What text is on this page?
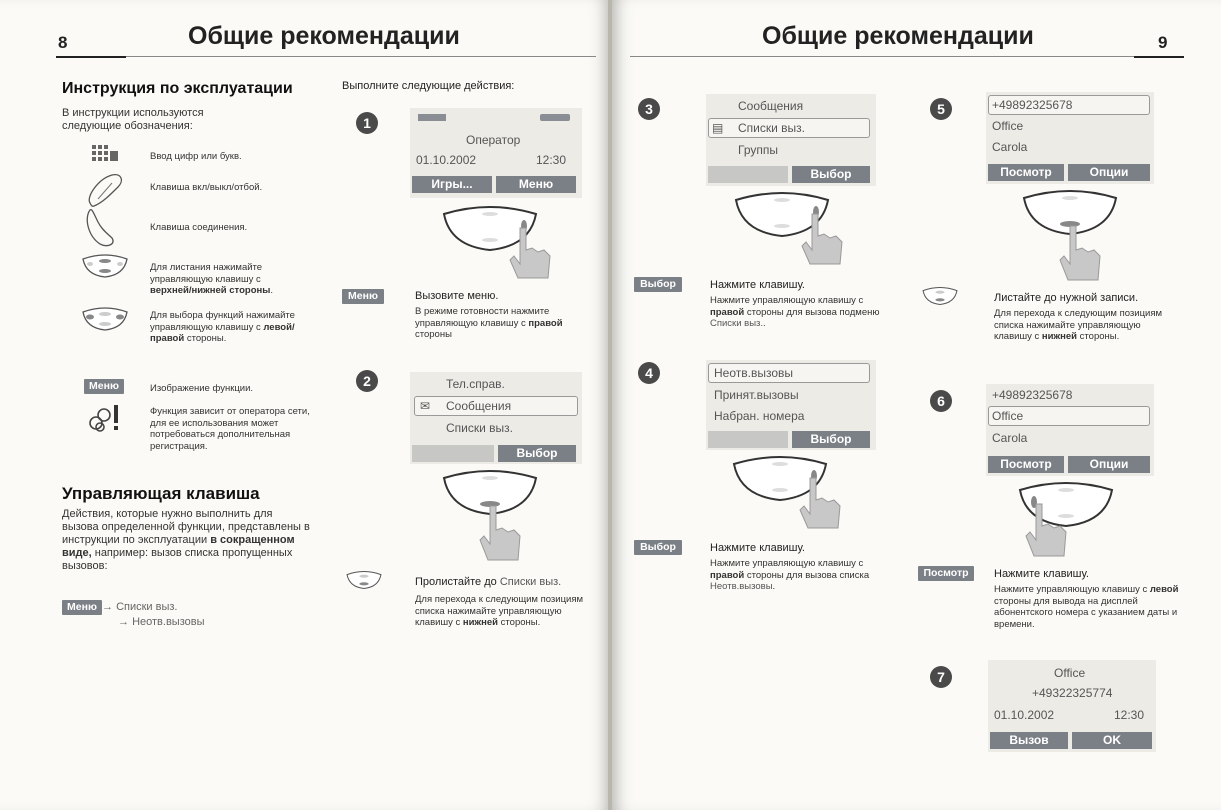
8	Общие рекомендации
Инструкция по эксплуатации
В инструкции используются следующие обозначения:
Ввод цифр или букв.
Клавиша вкл/выкл/отбой.
Клавиша соединения.
Для листания нажимайте управляющую клавишу с верхней/нижней стороны.
Для выбора функций нажимайте управляющую клавишу с левой/правой стороны.
Меню	Изображение функции.
Функция зависит от оператора сети, для ее использования может потребоваться дополнительная регистрация.
Управляющая клавиша
Действия, которые нужно выполнить для вызова определенной функции, представлены в инструкции по эксплуатации в сокращенном виде, например: вызов списка пропущенных вызовов:
Меню → Списки выз.
→ Неотв.вызовы
Выполните следующие действия:
1
Оператор
01.10.2002	12:30
Игры...	Меню
Меню	Вызовите меню.
В режиме готовности нажмите управляющую клавишу с правой стороны
2	Тел.справ.
✉ Сообщения
Списки выз.
Выбор
Пролистайте до Списки выз.
Для перехода к следующим позициям списка нажимайте управляющую клавишу с нижней стороны.
Общие рекомендации	9
3	Сообщения
▤ Списки выз.
Группы
Выбор
Выбор	Нажмите клавишу.
Нажмите управляющую клавишу с правой стороны для вызова подменю Списки выз..
4	Неотв.вызовы
Принят.вызовы
Набран. номера
Выбор
Выбор	Нажмите клавишу.
Нажмите управляющую клавишу с правой стороны для вызова списка Неотв.вызовы.
5	+49892325678
Office
Carola
Посмотр	Опции
Листайте до нужной записи.
Для перехода к следующим позициям списка нажимайте управляющую клавишу с нижней стороны.
6	+49892325678
Office
Carola
Посмотр	Опции
Посмотр	Нажмите клавишу.
Нажмите управляющую клавишу с левой стороны для вывода на дисплей абонентского номера с указанием даты и времени.
7	Office
+49322325774
01.10.2002	12:30
Вызов	OK
